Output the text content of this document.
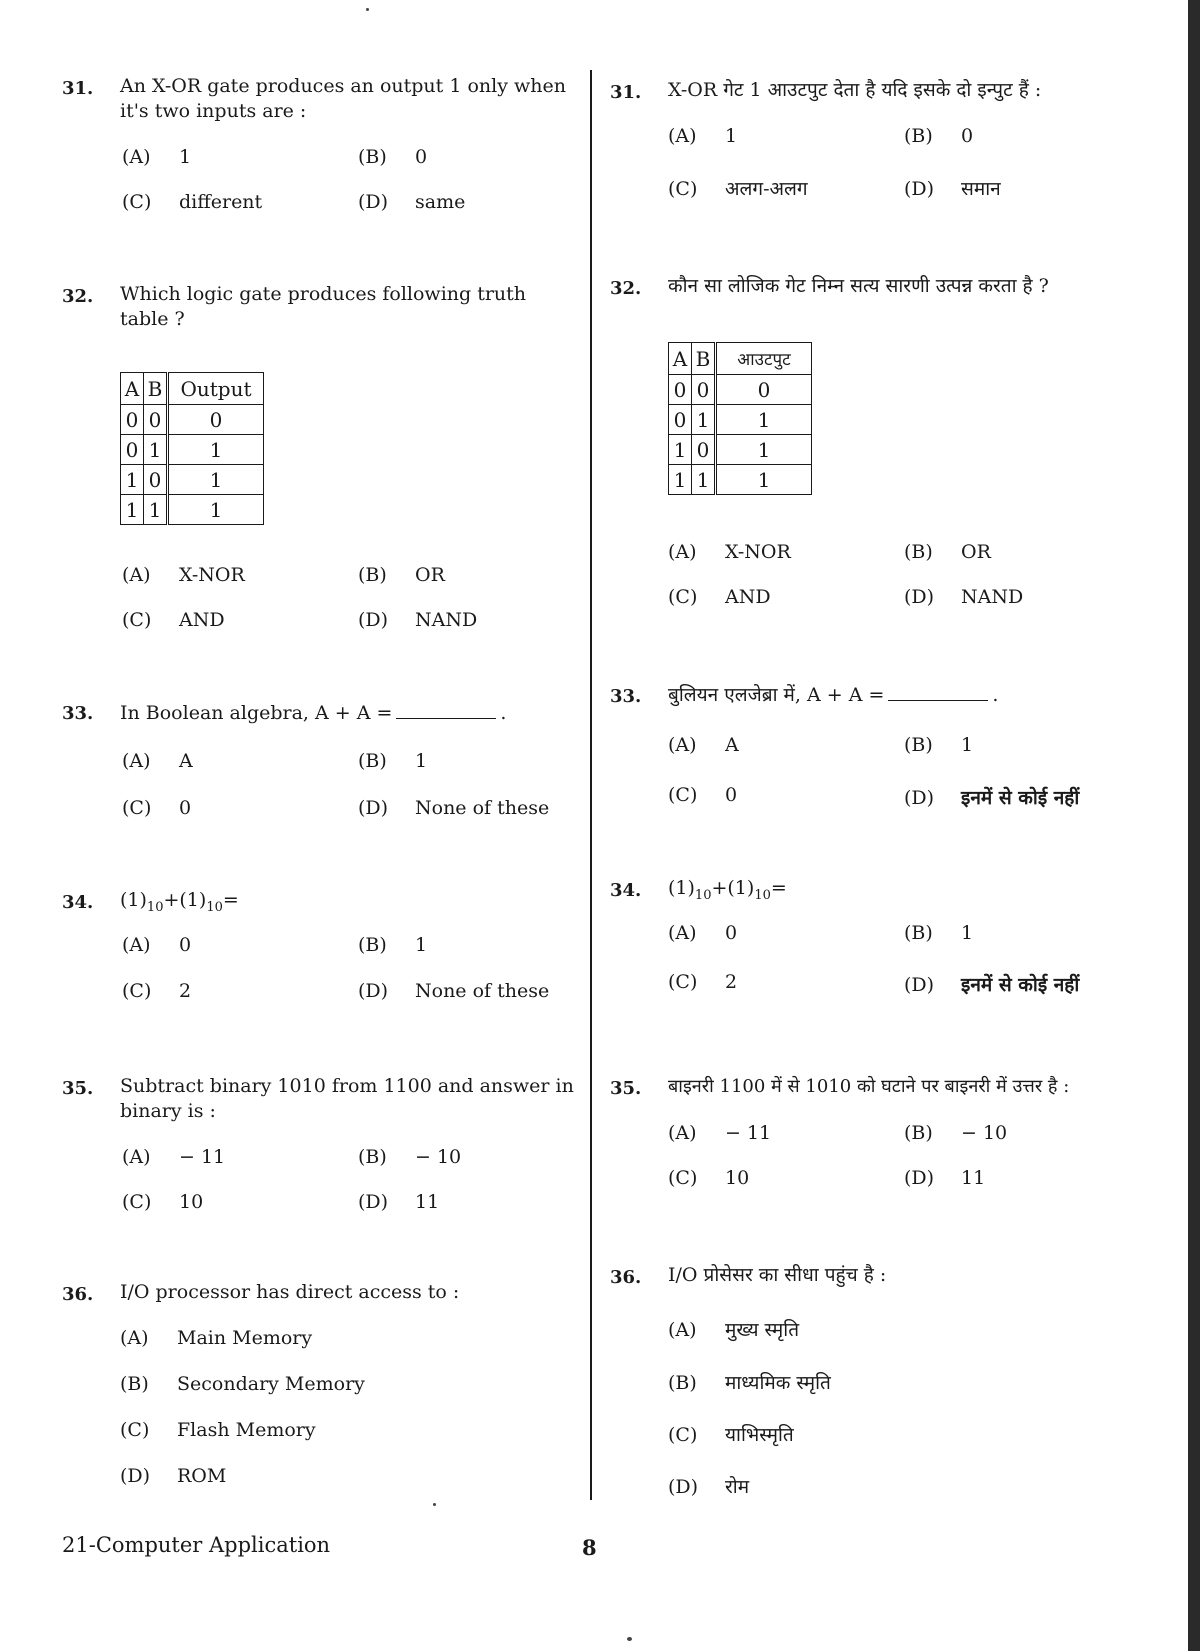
31. An X-OR gate produces an output 1 only when
it's two inputs are :
(A) 1	(B) 0
(C) different	(D) same
32. Which logic gate produces following truth
table ?
A	B	Output
0	0	0
0	1	1
1	0	1
1	1	1
(A) X-NOR	(B) OR
(C) AND	(D) NAND
33. In Boolean algebra, A + A =	.
(A) A	(B) 1
(C) 0	(D) None of these
34. $(1)_{10}+(1)_{10}=$
(A) 0	(B) 1
(C) 2	(D) None of these
35. Subtract binary 1010 from 1100 and answer in
binary is :
(A) − 11	(B) − 10
(C) 10	(D) 11
36. I/O processor has direct access to :
(A) Main Memory
(B) Secondary Memory
(C) Flash Memory
(D) ROM
31. X-OR गेट 1 आउटपुट देता है यदि इसके दो इन्पुट हैं :
(A) 1	(B) 0
(C) अलग-अलग	(D) समान
32. कौन सा लोजिक गेट निम्न सत्य सारणी उत्पन्न करता है ?
A	B	आउटपुट
0	0	0
0	1	1
1	0	1
1	1	1
(A) X-NOR	(B) OR
(C) AND	(D) NAND
33. बुलियन एलजेब्रा में, A + A =	.
(A) A	(B) 1
(C) 0	(D) इनमें से कोई नहीं
34. $(1)_{10}+(1)_{10}=$
(A) 0	(B) 1
(C) 2	(D) इनमें से कोई नहीं
35. बाइनरी 1100 में से 1010 को घटाने पर बाइनरी में उत्तर है :
(A) − 11	(B) − 10
(C) 10	(D) 11
36. I/O प्रोसेसर का सीधा पहुंच है :
(A) मुख्य स्मृति
(B) माध्यमिक स्मृति
(C) याभिस्मृति
(D) रोम
21-Computer Application	8
